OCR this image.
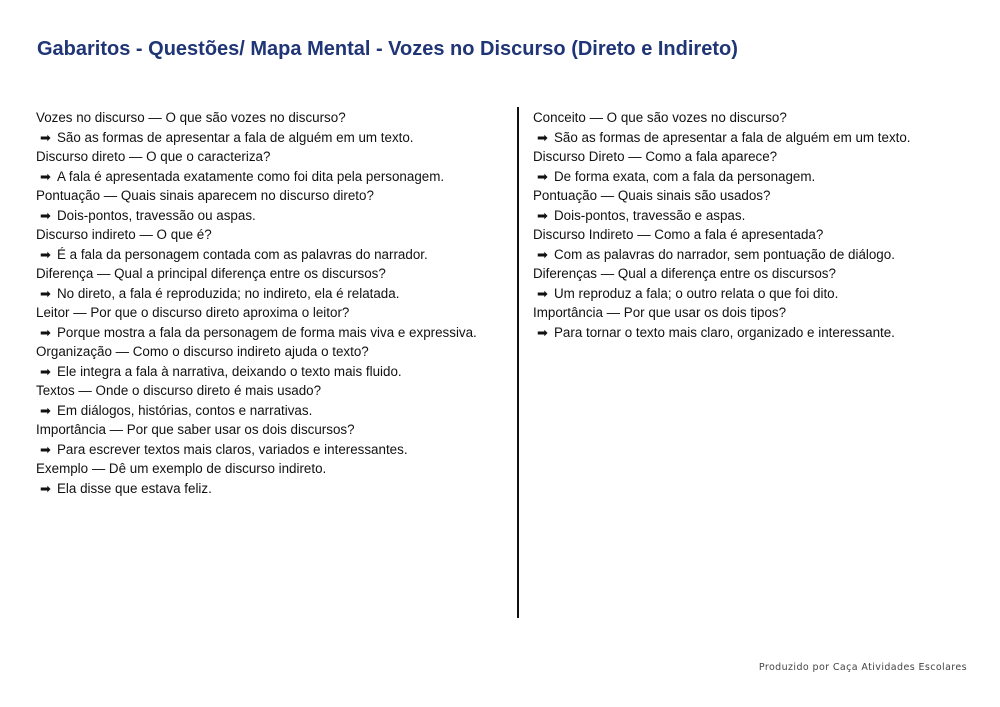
Gabaritos - Questões/ Mapa Mental - Vozes no Discurso (Direto e Indireto)
Vozes no discurso — O que são vozes no discurso?
➡ São as formas de apresentar a fala de alguém em um texto.
Discurso direto — O que o caracteriza?
➡ A fala é apresentada exatamente como foi dita pela personagem.
Pontuação — Quais sinais aparecem no discurso direto?
➡ Dois-pontos, travessão ou aspas.
Discurso indireto — O que é?
➡ É a fala da personagem contada com as palavras do narrador.
Diferença — Qual a principal diferença entre os discursos?
➡ No direto, a fala é reproduzida; no indireto, ela é relatada.
Leitor — Por que o discurso direto aproxima o leitor?
➡ Porque mostra a fala da personagem de forma mais viva e expressiva.
Organização — Como o discurso indireto ajuda o texto?
➡ Ele integra a fala à narrativa, deixando o texto mais fluido.
Textos — Onde o discurso direto é mais usado?
➡ Em diálogos, histórias, contos e narrativas.
Importância — Por que saber usar os dois discursos?
➡ Para escrever textos mais claros, variados e interessantes.
Exemplo — Dê um exemplo de discurso indireto.
➡ Ela disse que estava feliz.
Conceito — O que são vozes no discurso?
➡ São as formas de apresentar a fala de alguém em um texto.
Discurso Direto — Como a fala aparece?
➡ De forma exata, com a fala da personagem.
Pontuação — Quais sinais são usados?
➡ Dois-pontos, travessão e aspas.
Discurso Indireto — Como a fala é apresentada?
➡ Com as palavras do narrador, sem pontuação de diálogo.
Diferenças — Qual a diferença entre os discursos?
➡ Um reproduz a fala; o outro relata o que foi dito.
Importância — Por que usar os dois tipos?
➡ Para tornar o texto mais claro, organizado e interessante.
Produzido por Caça Atividades Escolares
